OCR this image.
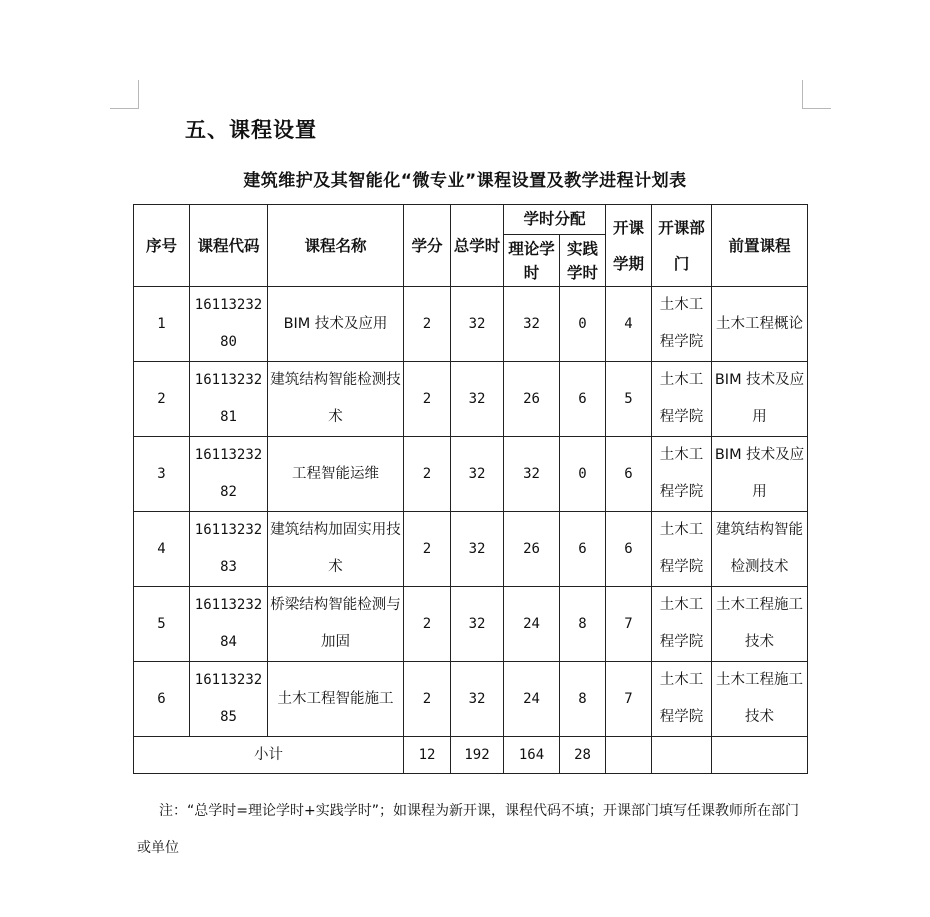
五、课程设置
建筑维护及其智能化“微专业”课程设置及教学进程计划表
序号	课程代码	课程名称	学分	总学时	学时分配		开课学期	开课部门	前置课程
					理论学时	实践学时			
1	1611323280	BIM 技术及应用	2	32	32	0	4	土木工程学院	土木工程概论
2	1611323281	建筑结构智能检测技术	2	32	26	6	5	土木工程学院	BIM 技术及应用
3	1611323282	工程智能运维	2	32	32	0	6	土木工程学院	BIM 技术及应用
4	1611323283	建筑结构加固实用技术	2	32	26	6	6	土木工程学院	建筑结构智能检测技术
5	1611323284	桥梁结构智能检测与加固	2	32	24	8	7	土木工程学院	土木工程施工技术
6	1611323285	土木工程智能施工	2	32	24	8	7	土木工程学院	土木工程施工技术
小计			12	192	164	28			
注：“总学时=理论学时+实践学时”；如课程为新开课，课程代码不填；开课部门填写任课教师所在部门或单位
